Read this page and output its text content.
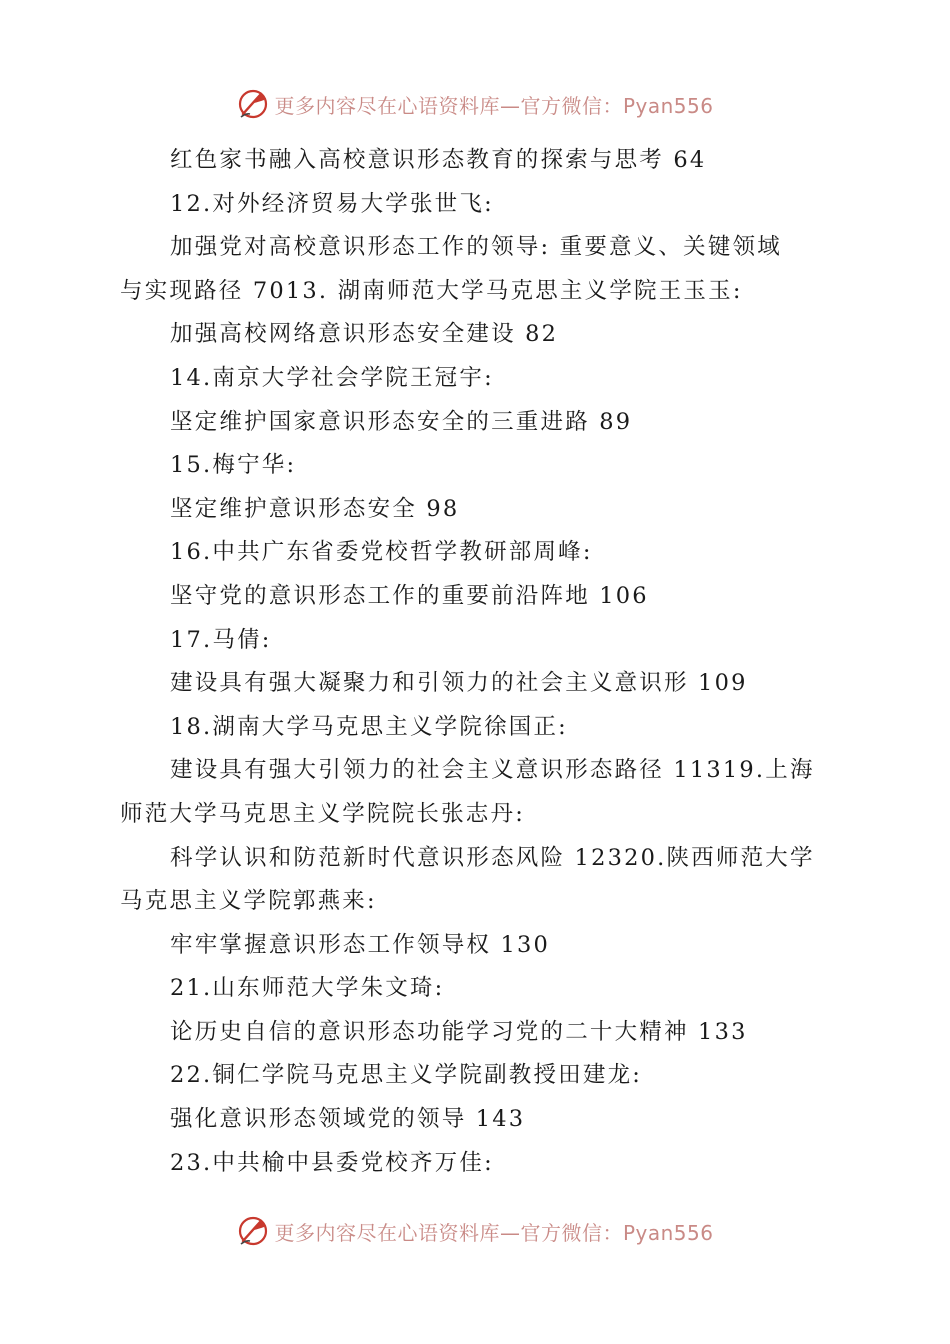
更多内容尽在心语资料库—官方微信：Pyan556
红色家书融入高校意识形态教育的探索与思考 64
12.对外经济贸易大学张世飞:
加强党对高校意识形态工作的领导: 重要意义、关键领域
与实现路径 7013. 湖南师范大学马克思主义学院王玉玉:
加强高校网络意识形态安全建设 82
14.南京大学社会学院王冠宇:
坚定维护国家意识形态安全的三重进路 89
15.梅宁华:
坚定维护意识形态安全 98
16.中共广东省委党校哲学教研部周峰:
坚守党的意识形态工作的重要前沿阵地 106
17.马倩:
建设具有强大凝聚力和引领力的社会主义意识形 109
18.湖南大学马克思主义学院徐国正:
建设具有强大引领力的社会主义意识形态路径 11319.上海
师范大学马克思主义学院院长张志丹:
科学认识和防范新时代意识形态风险 12320.陕西师范大学
马克思主义学院郭燕来:
牢牢掌握意识形态工作领导权 130
21.山东师范大学朱文琦:
论历史自信的意识形态功能学习党的二十大精神 133
22.铜仁学院马克思主义学院副教授田建龙:
强化意识形态领域党的领导 143
23.中共榆中县委党校齐万佳:
更多内容尽在心语资料库—官方微信：Pyan556
